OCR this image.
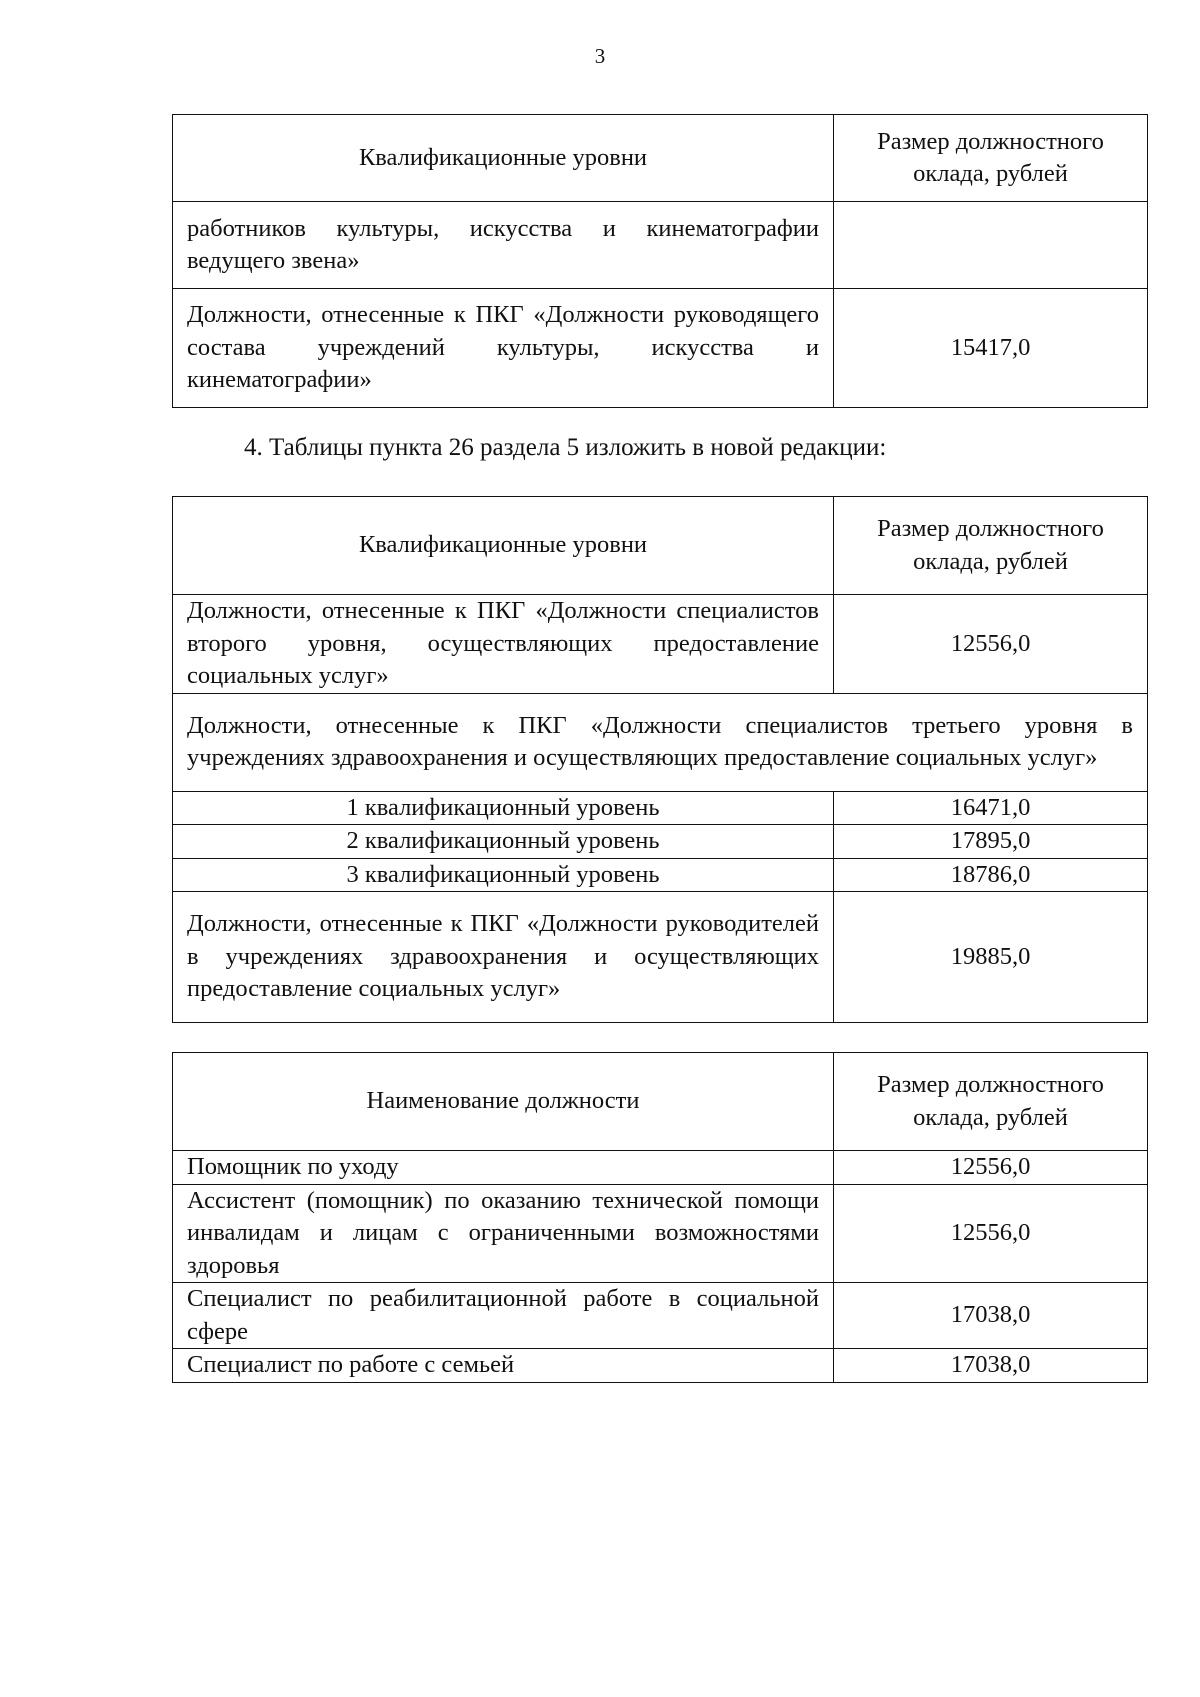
3
Квалификационные уровни	Размер должностного оклада, рублей
работников культуры, искусства и кинематографии ведущего звена»	
Должности, отнесенные к ПКГ «Должности руководящего состава учреждений культуры, искусства и кинематографии»	15417,0
4. Таблицы пункта 26 раздела 5 изложить в новой редакции:
Квалификационные уровни	Размер должностного оклада, рублей
Должности, отнесенные к ПКГ «Должности специалистов второго уровня, осуществляющих предоставление социальных услуг»	12556,0
Должности, отнесенные к ПКГ «Должности специалистов третьего уровня в учреждениях здравоохранения и осуществляющих предоставление социальных услуг»	
1 квалификационный уровень	16471,0
2 квалификационный уровень	17895,0
3 квалификационный уровень	18786,0
Должности, отнесенные к ПКГ «Должности руководителей в учреждениях здравоохранения и осуществляющих предоставление социальных услуг»	19885,0
Наименование должности	Размер должностного оклада, рублей
Помощник по уходу	12556,0
Ассистент (помощник) по оказанию технической помощи инвалидам и лицам с ограниченными возможностями здоровья	12556,0
Специалист по реабилитационной работе в социальной сфере	17038,0
Специалист по работе с семьей	17038,0
